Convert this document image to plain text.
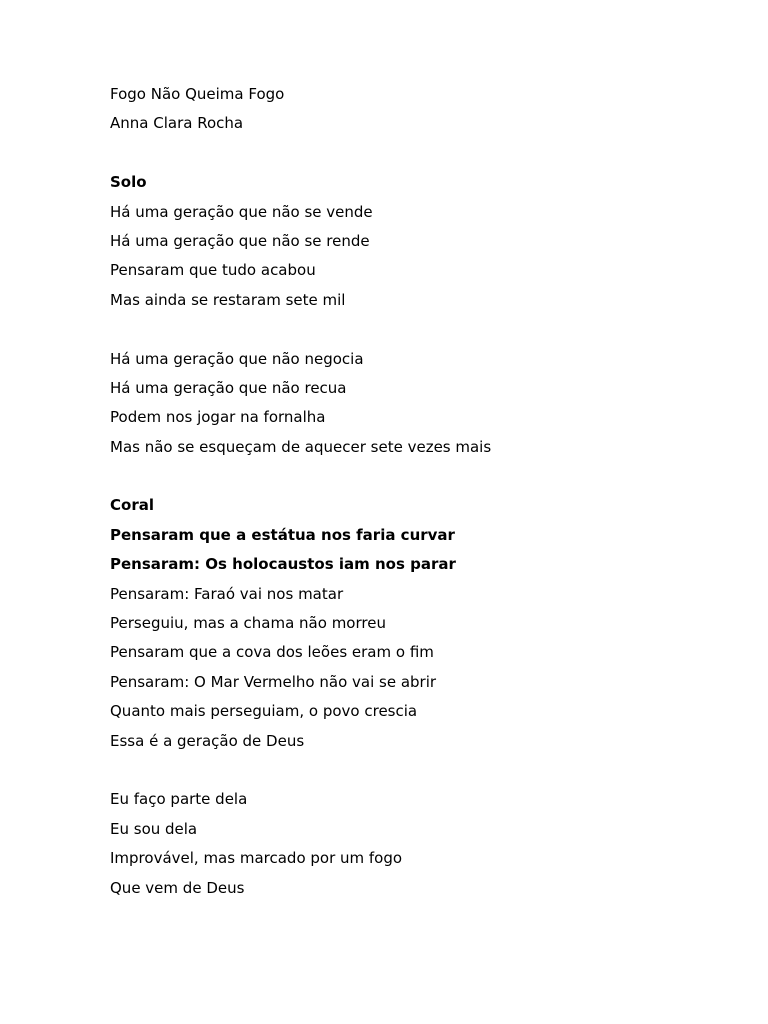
Fogo Não Queima Fogo
Anna Clara Rocha
Solo
Há uma geração que não se vende
Há uma geração que não se rende
Pensaram que tudo acabou
Mas ainda se restaram sete mil
Há uma geração que não negocia
Há uma geração que não recua
Podem nos jogar na fornalha
Mas não se esqueçam de aquecer sete vezes mais
Coral
Pensaram que a estátua nos faria curvar
Pensaram: Os holocaustos iam nos parar
Pensaram: Faraó vai nos matar
Perseguiu, mas a chama não morreu
Pensaram que a cova dos leões eram o fim
Pensaram: O Mar Vermelho não vai se abrir
Quanto mais perseguiam, o povo crescia
Essa é a geração de Deus
Eu faço parte dela
Eu sou dela
Improvável, mas marcado por um fogo
Que vem de Deus
